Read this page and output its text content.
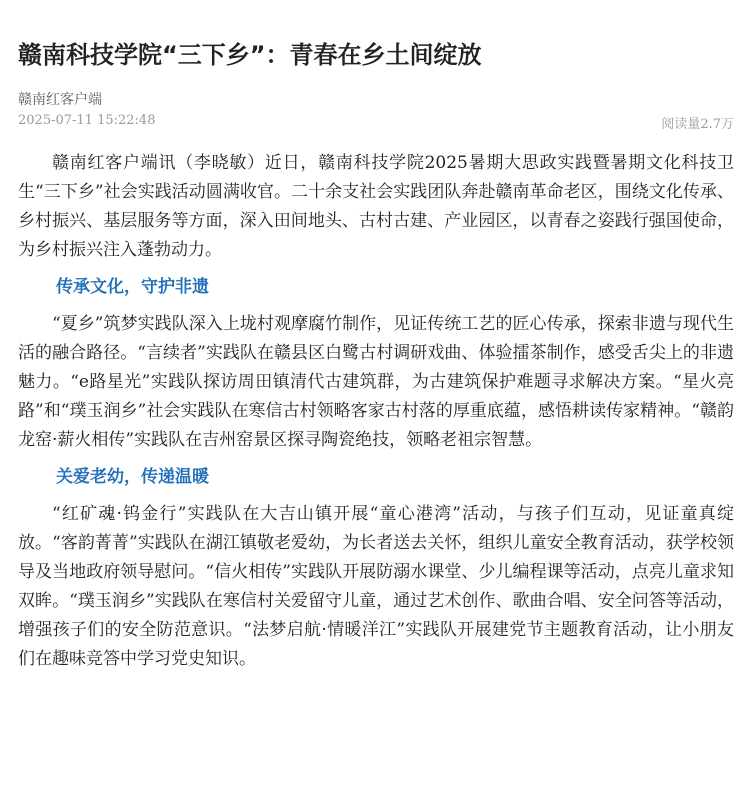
赣南科技学院“三下乡”：青春在乡土间绽放
赣南红客户端
2025-07-11 15:22:48	阅读量2.7万

赣南红客户端讯（李晓敏）近日，赣南科技学院2025暑期大思政实践暨暑期文化科技卫生“三下乡”社会实践活动圆满收官。二十余支社会实践团队奔赴赣南革命老区，围绕文化传承、乡村振兴、基层服务等方面，深入田间地头、古村古建、产业园区，以青春之姿践行强国使命，为乡村振兴注入蓬勃动力。

传承文化，守护非遗

“夏乡”筑梦实践队深入上垅村观摩腐竹制作，见证传统工艺的匠心传承，探索非遗与现代生活的融合路径。“言续者”实践队在赣县区白鹭古村调研戏曲、体验擂茶制作，感受舌尖上的非遗魅力。“e路星光”实践队探访周田镇清代古建筑群，为古建筑保护难题寻求解决方案。“星火亮路”和“璞玉润乡”社会实践队在寒信古村领略客家古村落的厚重底蕴，感悟耕读传家精神。“赣韵龙窑·薪火相传”实践队在吉州窑景区探寻陶瓷绝技，领略老祖宗智慧。

关爱老幼，传递温暖

“红矿魂·钨金行”实践队在大吉山镇开展“童心港湾”活动，与孩子们互动，见证童真绽放。“客韵菁菁”实践队在湖江镇敬老爱幼，为长者送去关怀，组织儿童安全教育活动，获学校领导及当地政府领导慰问。“信火相传”实践队开展防溺水课堂、少儿编程课等活动，点亮儿童求知双眸。“璞玉润乡”实践队在寒信村关爱留守儿童，通过艺术创作、歌曲合唱、安全问答等活动，增强孩子们的安全防范意识。“法梦启航·情暖洋江”实践队开展建党节主题教育活动，让小朋友们在趣味竞答中学习党史知识。
